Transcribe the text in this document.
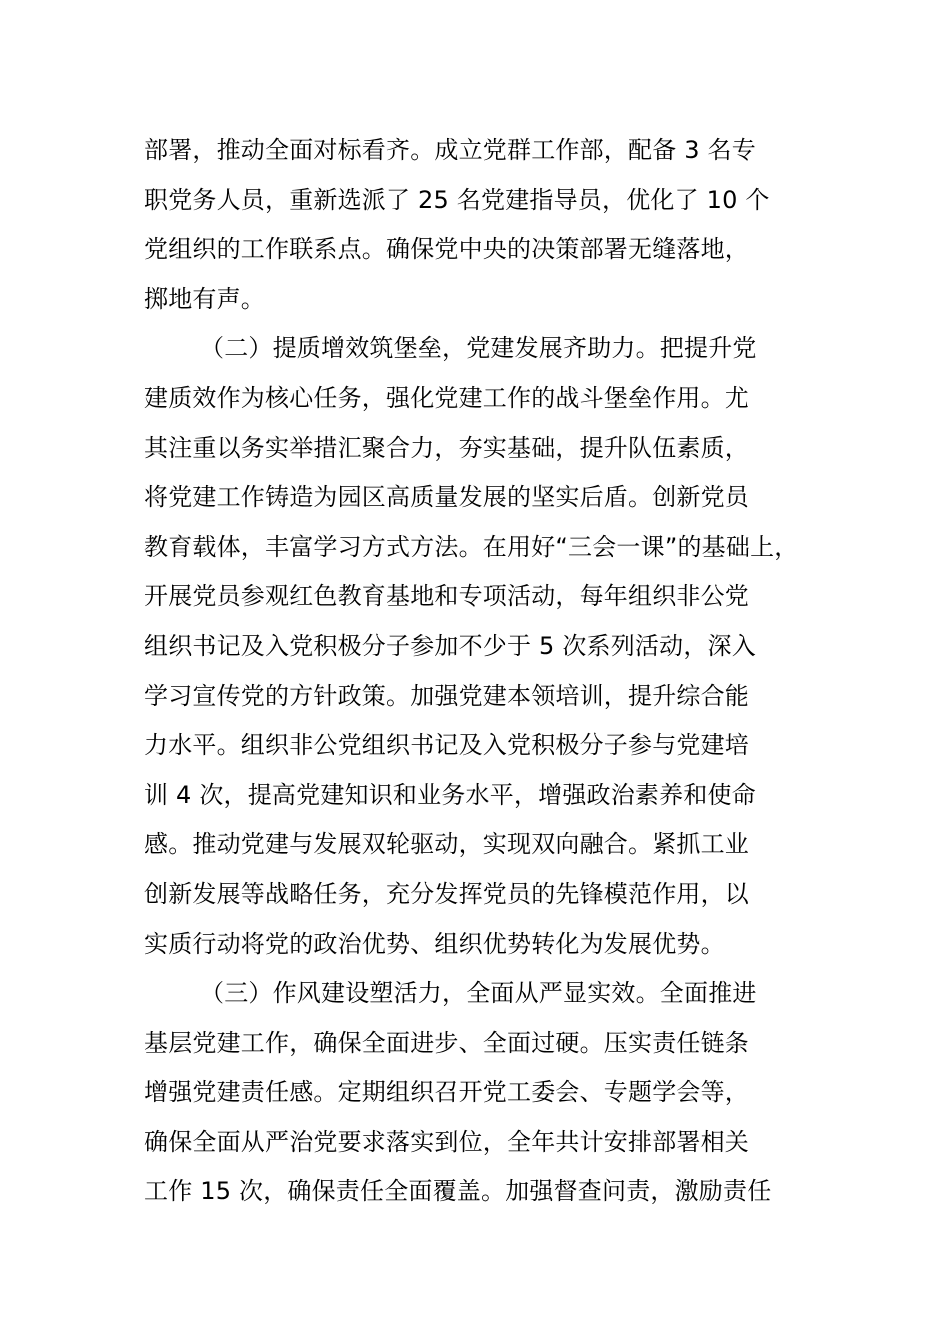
部署，推动全面对标看齐。成立党群工作部，配备 3 名专
职党务人员，重新选派了 25 名党建指导员，优化了 10 个
党组织的工作联系点。确保党中央的决策部署无缝落地，
掷地有声。
（二）提质增效筑堡垒，党建发展齐助力。把提升党
建质效作为核心任务，强化党建工作的战斗堡垒作用。尤
其注重以务实举措汇聚合力，夯实基础，提升队伍素质，
将党建工作铸造为园区高质量发展的坚实后盾。创新党员
教育载体，丰富学习方式方法。在用好“三会一课”的基础上，
开展党员参观红色教育基地和专项活动，每年组织非公党
组织书记及入党积极分子参加不少于 5 次系列活动，深入
学习宣传党的方针政策。加强党建本领培训，提升综合能
力水平。组织非公党组织书记及入党积极分子参与党建培
训 4 次，提高党建知识和业务水平，增强政治素养和使命
感。推动党建与发展双轮驱动，实现双向融合。紧抓工业
创新发展等战略任务，充分发挥党员的先锋模范作用，以
实质行动将党的政治优势、组织优势转化为发展优势。
（三）作风建设塑活力，全面从严显实效。全面推进
基层党建工作，确保全面进步、全面过硬。压实责任链条
增强党建责任感。定期组织召开党工委会、专题学会等，
确保全面从严治党要求落实到位，全年共计安排部署相关
工作 15 次，确保责任全面覆盖。加强督查问责，激励责任
